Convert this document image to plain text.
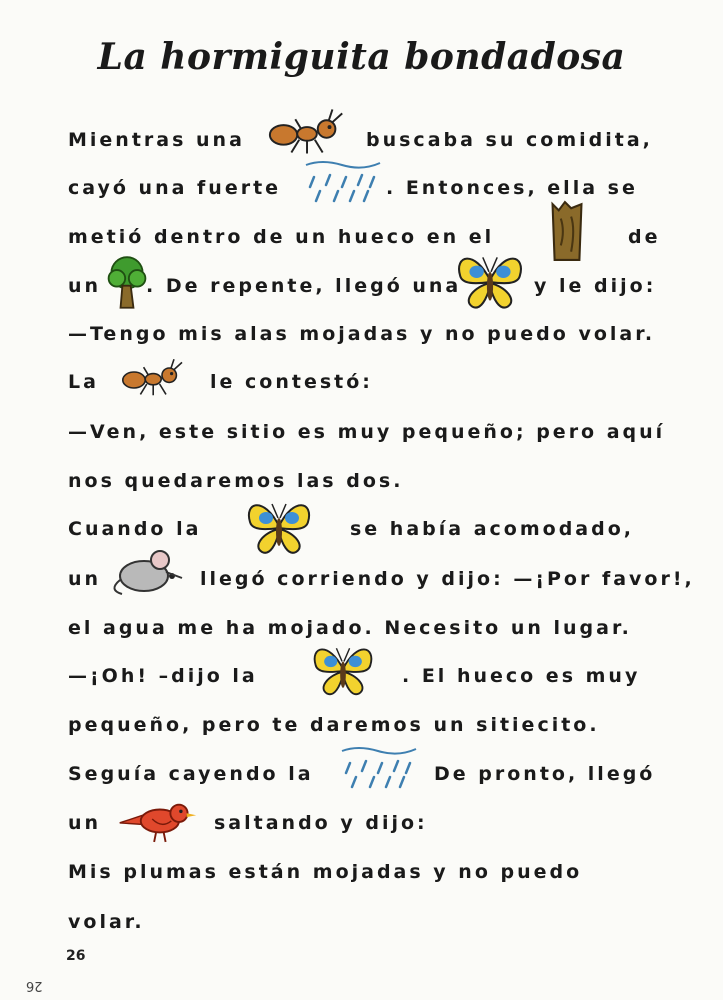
La hormiguita bondadosa
Mientras una	buscaba su comidita,
cayó una fuerte	. Entonces, ella se
metió dentro de un hueco en el	de
un . De repente, llegó una	y le dijo:
—Tengo mis alas mojadas y no puedo volar.
La	le contestó:
—Ven, este sitio es muy pequeño; pero aquí
nos quedaremos las dos.
Cuando la	se había acomodado,
un	llegó corriendo y dijo: —¡Por favor!,
el agua me ha mojado. Necesito un lugar.
—¡Oh! –dijo la	. El hueco es muy
pequeño, pero te daremos un sitiecito.
Seguía cayendo la	De pronto, llegó
un	saltando y dijo:
Mis plumas están mojadas y no puedo
volar.
26
26
